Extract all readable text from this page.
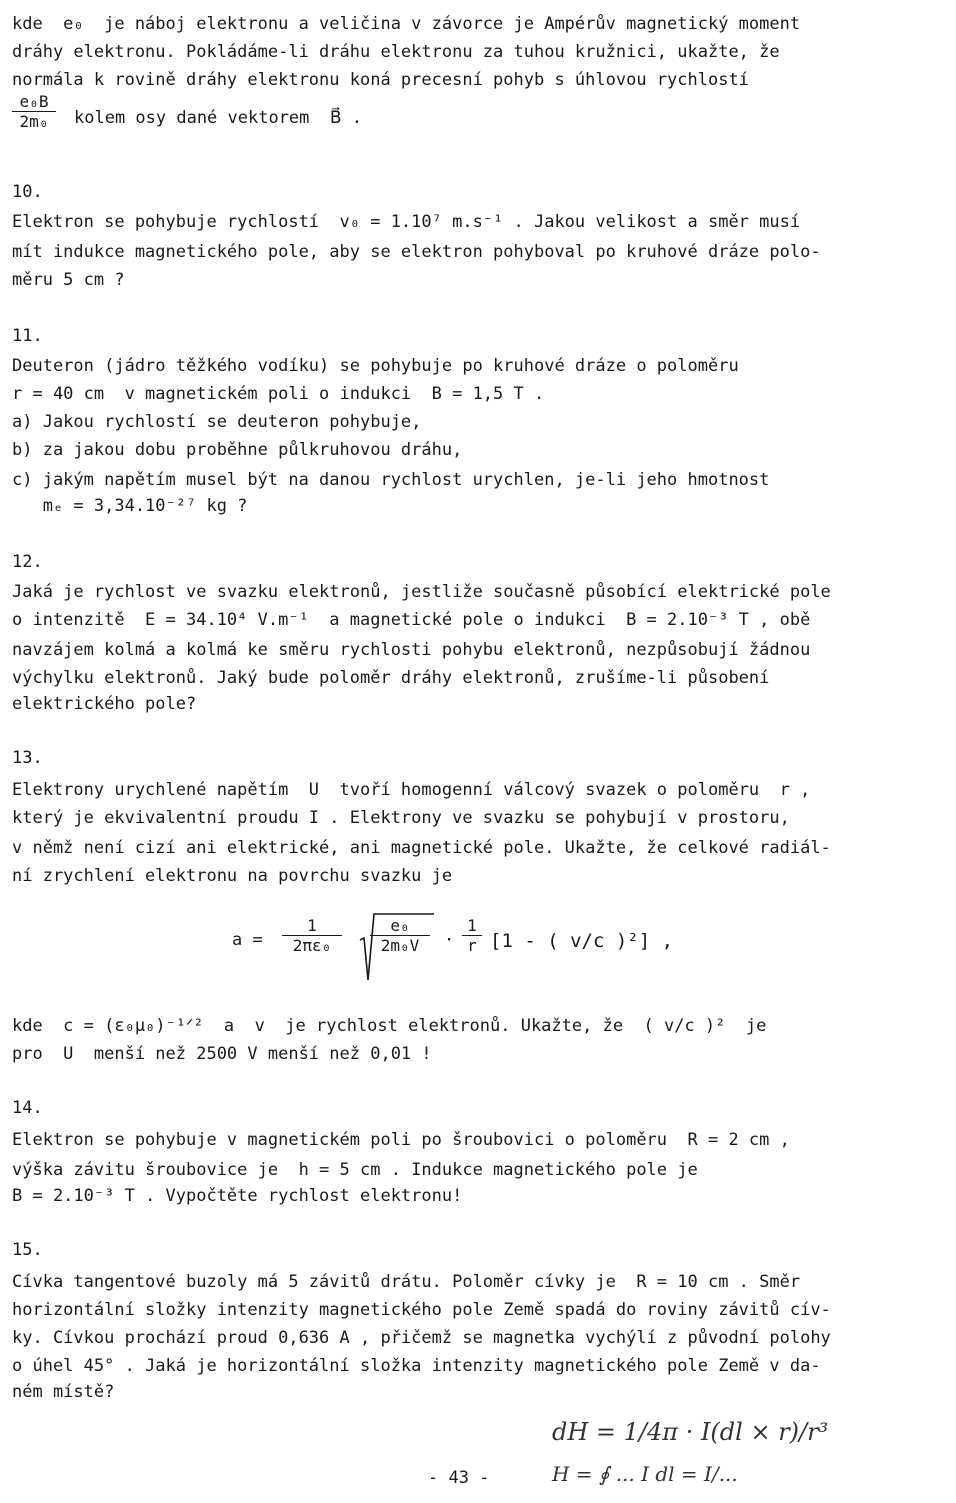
kde  e₀  je náboj elektronu a veličina v závorce je Ampérův magnetický moment
dráhy elektronu. Pokládáme-li dráhu elektronu za tuhou kružnici, ukažte, že
normála k rovině dráhy elektronu koná precesní pohyb s úhlovou rychlostí
$\frac{\text{e₀B}}{\text{2m₀}}$ kolem osy dané vektorem  B⃗ .
10.
Elektron se pohybuje rychlostí  v₀ = 1.10⁷ m.s⁻¹ . Jakou velikost a směr musí
mít indukce magnetického pole, aby se elektron pohyboval po kruhové dráze polo-
měru 5 cm ?
11.
Deuteron (jádro těžkého vodíku) se pohybuje po kruhové dráze o poloměru
r = 40 cm  v magnetickém poli o indukci  B = 1,5 T .
a) Jakou rychlostí se deuteron pohybuje,
b) za jakou dobu proběhne půlkruhovou dráhu,
c) jakým napětím musel být na danou rychlost urychlen, je-li jeho hmotnost
mₑ = 3,34.10⁻²⁷ kg ?
12.
Jaká je rychlost ve svazku elektronů, jestliže současně působící elektrické pole
o intenzitě  E = 34.10⁴ V.m⁻¹  a magnetické pole o indukci  B = 2.10⁻³ T , obě
navzájem kolmá a kolmá ke směru rychlosti pohybu elektronů, nezpůsobují žádnou
výchylku elektronů. Jaký bude poloměr dráhy elektronů, zrušíme-li působení
elektrického pole?
13.
Elektrony urychlené napětím  U  tvoří homogenní válcový svazek o poloměru  r ,
který je ekvivalentní proudu I . Elektrony ve svazku se pohybují v prostoru,
v němž není cizí ani elektrické, ani magnetické pole. Ukažte, že celkové radiál-
ní zrychlení elektronu na povrchu svazku je
$a = \frac{1}{\text{2πε₀}} \frac{\text{e₀}}{\text{2m₀V}} \cdot \frac{1}{r} [1$ - ( v/c )²] ,
kde  c = (ε₀μ₀)⁻¹ᐟ²  a  v  je rychlost elektronů. Ukažte, že  ( v/c )²  je
pro  U  menší než 2500 V menší než 0,01 !
14.
Elektron se pohybuje v magnetickém poli po šroubovici o poloměru  R = 2 cm ,
výška závitu šroubovice je  h = 5 cm . Indukce magnetického pole je
B = 2.10⁻³ T . Vypočtěte rychlost elektronu!
15.
Cívka tangentové buzoly má 5 závitů drátu. Poloměr cívky je  R = 10 cm . Směr
horizontální složky intenzity magnetického pole Země spadá do roviny závitů cív-
ky. Cívkou prochází proud 0,636 A , přičemž se magnetka vychýlí z původní polohy
o úhel 45° . Jaká je horizontální složka intenzity magnetického pole Země v da-
ném místě?
dH = 1/4π · I(dl × r)/r³
H = ∮ ... I dl = I/...
- 43 -
